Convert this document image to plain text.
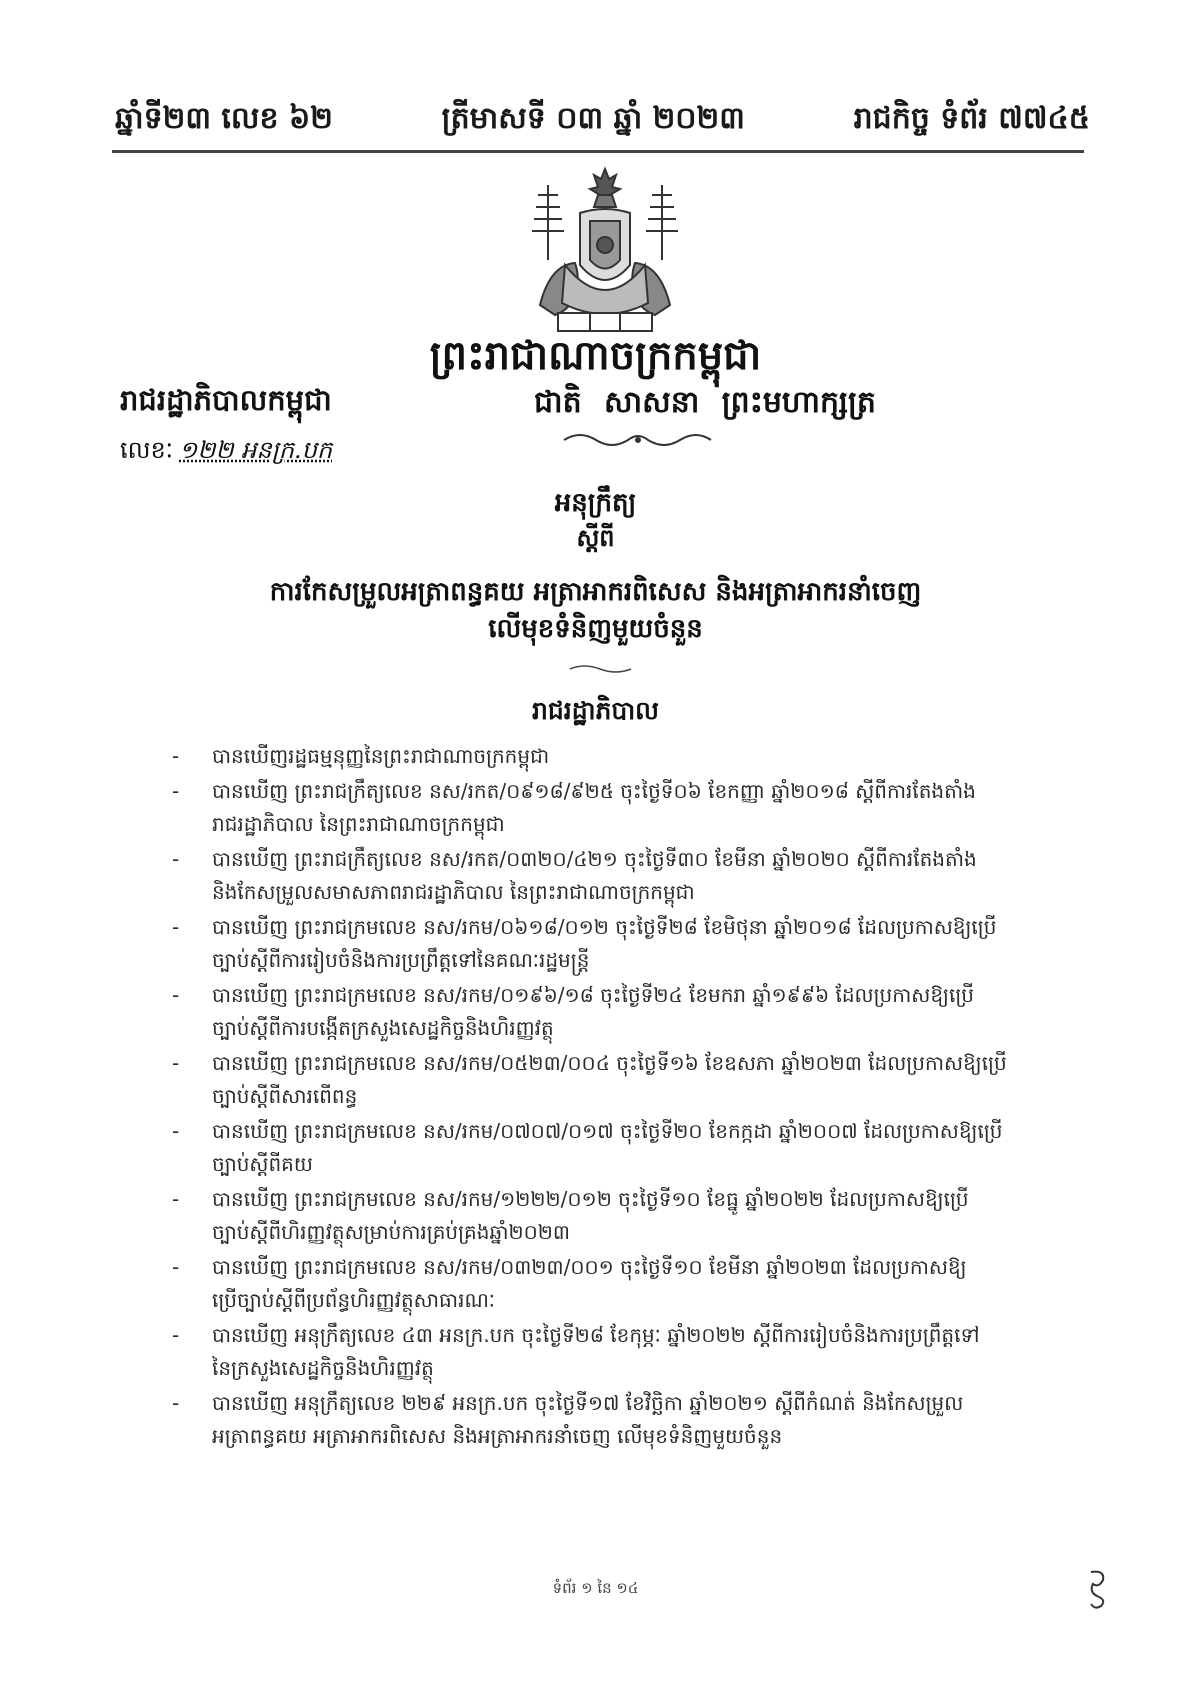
ឆ្នាំទី២៣ លេខ ៦២	ត្រីមាសទី ០៣ ឆ្នាំ ២០២៣	រាជកិច្ច ទំព័រ ៧៧៤៥
ព្រះរាជាណាចក្រកម្ពុជា
រាជរដ្ឋាភិបាលកម្ពុជា	ជាតិ សាសនា ព្រះមហាក្សត្រ
លេខៈ ១២២ អនក្រ.បក
អនុក្រឹត្យ
ស្តីពី
ការកែសម្រួលអត្រាពន្ធគយ អត្រាអាករពិសេស និងអត្រាអាករនាំចេញ
លើមុខទំនិញមួយចំនួន
រាជរដ្ឋាភិបាល
- បានឃើញរដ្ឋធម្មនុញ្ញនៃព្រះរាជាណាចក្រកម្ពុជា
- បានឃើញ ព្រះរាជក្រឹត្យលេខ នស/រកត/០៩១៨/៩២៥ ចុះថ្ងៃទី០៦ ខែកញ្ញា ឆ្នាំ២០១៨ ស្តីពីការតែងតាំង
រាជរដ្ឋាភិបាល នៃព្រះរាជាណាចក្រកម្ពុជា
- បានឃើញ ព្រះរាជក្រឹត្យលេខ នស/រកត/០៣២០/៤២១ ចុះថ្ងៃទី៣០ ខែមីនា ឆ្នាំ២០២០ ស្តីពីការតែងតាំង
និងកែសម្រួលសមាសភាពរាជរដ្ឋាភិបាល នៃព្រះរាជាណាចក្រកម្ពុជា
- បានឃើញ ព្រះរាជក្រមលេខ នស/រកម/០៦១៨/០១២ ចុះថ្ងៃទី២៨ ខែមិថុនា ឆ្នាំ២០១៨ ដែលប្រកាសឱ្យប្រើ
ច្បាប់ស្តីពីការរៀបចំនិងការប្រព្រឹត្តទៅនៃគណៈរដ្ឋមន្ត្រី
- បានឃើញ ព្រះរាជក្រមលេខ នស/រកម/០១៩៦/១៨ ចុះថ្ងៃទី២៤ ខែមករា ឆ្នាំ១៩៩៦ ដែលប្រកាសឱ្យប្រើ
ច្បាប់ស្តីពីការបង្កើតក្រសួងសេដ្ឋកិច្ចនិងហិរញ្ញវត្ថុ
- បានឃើញ ព្រះរាជក្រមលេខ នស/រកម/០៥២៣/០០៤ ចុះថ្ងៃទី១៦ ខែឧសភា ឆ្នាំ២០២៣ ដែលប្រកាសឱ្យប្រើ
ច្បាប់ស្តីពីសារពើពន្ធ
- បានឃើញ ព្រះរាជក្រមលេខ នស/រកម/០៧០៧/០១៧ ចុះថ្ងៃទី២០ ខែកក្កដា ឆ្នាំ២០០៧ ដែលប្រកាសឱ្យប្រើ
ច្បាប់ស្តីពីគយ
- បានឃើញ ព្រះរាជក្រមលេខ នស/រកម/១២២២/០១២ ចុះថ្ងៃទី១០ ខែធ្នូ ឆ្នាំ២០២២ ដែលប្រកាសឱ្យប្រើ
ច្បាប់ស្តីពីហិរញ្ញវត្ថុសម្រាប់ការគ្រប់គ្រងឆ្នាំ២០២៣
- បានឃើញ ព្រះរាជក្រមលេខ នស/រកម/០៣២៣/០០១ ចុះថ្ងៃទី១០ ខែមីនា ឆ្នាំ២០២៣ ដែលប្រកាសឱ្យ
ប្រើច្បាប់ស្តីពីប្រព័ន្ធហិរញ្ញវត្ថុសាធារណៈ
- បានឃើញ អនុក្រឹត្យលេខ ៤៣ អនក្រ.បក ចុះថ្ងៃទី២៨ ខែកុម្ភៈ ឆ្នាំ២០២២ ស្តីពីការរៀបចំនិងការប្រព្រឹត្តទៅ
នៃក្រសួងសេដ្ឋកិច្ចនិងហិរញ្ញវត្ថុ
- បានឃើញ អនុក្រឹត្យលេខ ២២៩ អនក្រ.បក ចុះថ្ងៃទី១៧ ខែវិច្ឆិកា ឆ្នាំ២០២១ ស្តីពីកំណត់ និងកែសម្រួល
អត្រាពន្ធគយ អត្រាអាករពិសេស និងអត្រាអាករនាំចេញ លើមុខទំនិញមួយចំនួន
ទំព័រ ១ នៃ ១៤
